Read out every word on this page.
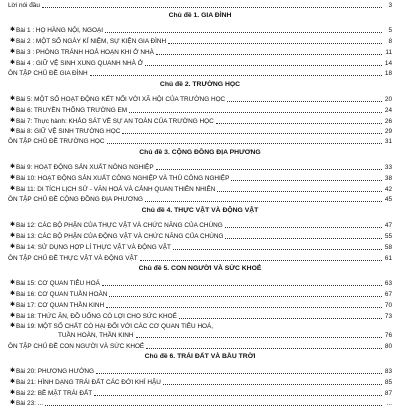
Lời nói đầu	3
Chủ đề 1. GIA ĐÌNH
✱ Bài 1 : HỌ HÀNG NỘI, NGOẠI	5
✱ Bài 2 : MỘT SỐ NGÀY KỈ NIỆM, SỰ KIỆN GIA ĐÌNH	8
✱ Bài 3 : PHÒNG TRÁNH HOẢ HOẠN KHI Ở NHÀ	11
✱ Bài 4 : GIỮ VỆ SINH XUNG QUANH NHÀ Ở	14
ÔN TẬP CHỦ ĐỀ GIA ĐÌNH	18
Chủ đề 2. TRƯỜNG HỌC
✱ Bài 5: MỘT SỐ HOẠT ĐỘNG KẾT NỐI VỚI XÃ HỘI CỦA TRƯỜNG HỌC	20
✱ Bài 6: TRUYỀN THỐNG TRƯỜNG EM	24
✱ Bài 7: Thực hành: KHẢO SÁT VỀ SỰ AN TOÀN CỦA TRƯỜNG HỌC	26
✱ Bài 8: GIỮ VỆ SINH TRƯỜNG HỌC	29
ÔN TẬP CHỦ ĐỀ TRƯỜNG HỌC	31
Chủ đề 3. CỘNG ĐỒNG ĐỊA PHƯƠNG
✱ Bài 9: HOẠT ĐỘNG SẢN XUẤT NÔNG NGHIỆP	33
✱ Bài 10: HOẠT ĐỘNG SẢN XUẤT CÔNG NGHIỆP VÀ THỦ CÔNG NGHIỆP	38
✱ Bài 11: DI TÍCH LỊCH SỬ - VĂN HOÁ VÀ CẢNH QUAN THIÊN NHIÊN	42
ÔN TẬP CHỦ ĐỀ CỘNG ĐỒNG ĐỊA PHƯƠNG	45
Chủ đề 4. THỰC VẬT VÀ ĐỘNG VẬT
✱ Bài 12: CÁC BỘ PHẬN CỦA THỰC VẬT VÀ CHỨC NĂNG CỦA CHÚNG	47
✱ Bài 13: CÁC BỘ PHẬN CỦA ĐỘNG VẬT VÀ CHỨC NĂNG CỦA CHÚNG	55
✱ Bài 14: SỬ DỤNG HỢP LÍ THỰC VẬT VÀ ĐỘNG VẬT	58
ÔN TẬP CHỦ ĐỀ THỰC VẬT VÀ ĐỘNG VẬT	61
Chủ đề 5. CON NGƯỜI VÀ SỨC KHOẺ
✱ Bài 15: CƠ QUAN TIÊU HOÁ	63
✱ Bài 16: CƠ QUAN TUẦN HOÀN	67
✱ Bài 17: CƠ QUAN THẦN KINH	70
✱ Bài 18: THỨC ĂN, ĐỒ UỐNG CÓ LỢI CHO SỨC KHOẺ	73
✱ Bài 19: MỘT SỐ CHẤT CÓ HẠI ĐỐI VỚI CÁC CƠ QUAN TIÊU HOÁ,
TUẦN HOÀN, THẦN KINH	76
ÔN TẬP CHỦ ĐỀ CON NGƯỜI VÀ SỨC KHOẺ	80
Chủ đề 6. TRÁI ĐẤT VÀ BẦU TRỜI
✱ Bài 20: PHƯƠNG HƯỚNG	83
✱ Bài 21: HÌNH DẠNG TRÁI ĐẤT CÁC ĐỚI KHÍ HẬU	85
✱ Bài 22: BỀ MẶT TRÁI ĐẤT	87
✱ Bài 23: ...	...
